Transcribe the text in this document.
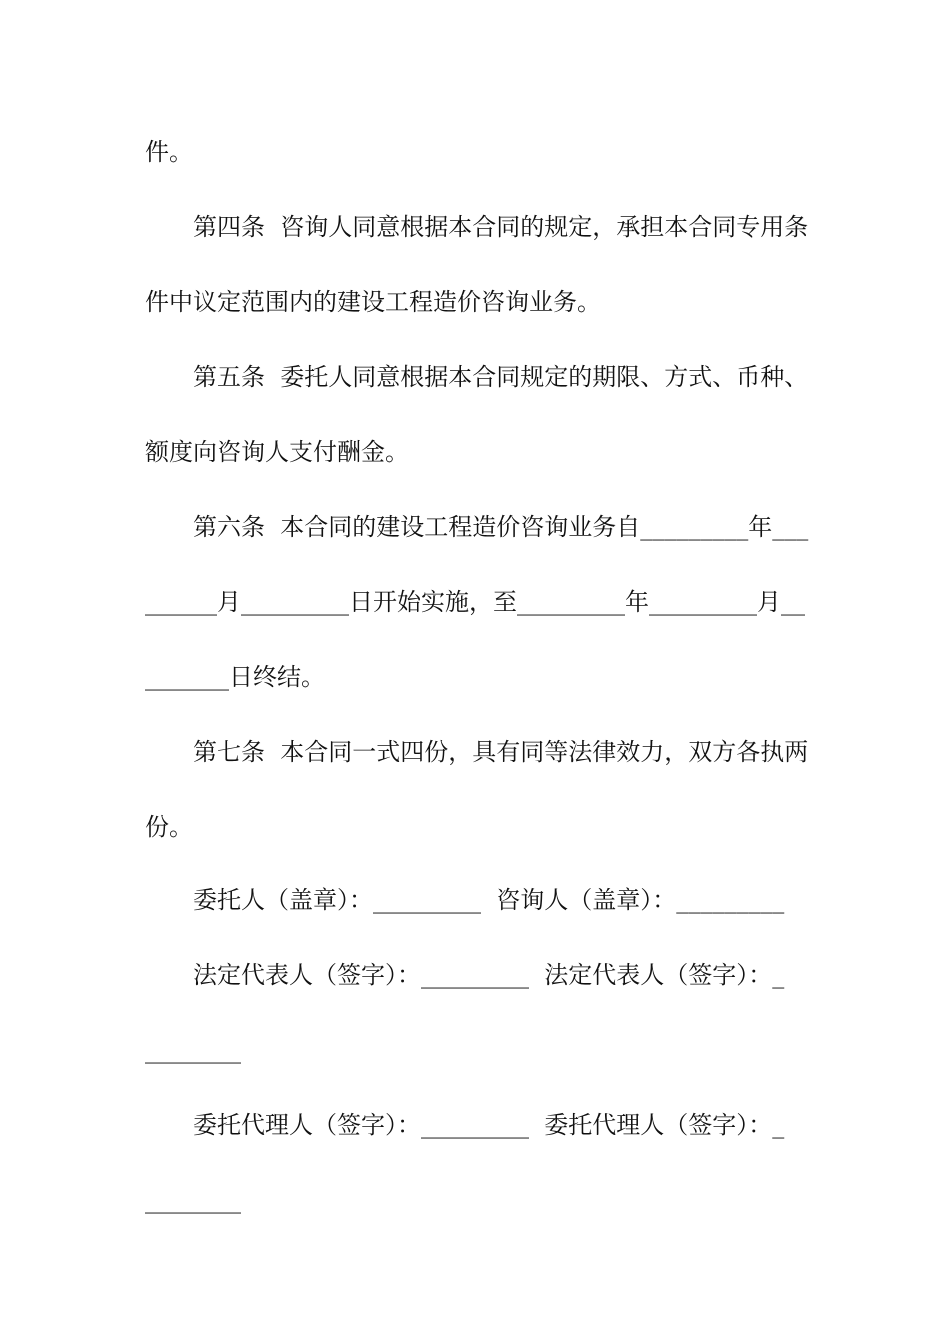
件。
第四条  咨询人同意根据本合同的规定，承担本合同专用条
件中议定范围内的建设工程造价咨询业务。
第五条  委托人同意根据本合同规定的期限、方式、币种、
额度向咨询人支付酬金。
第六条  本合同的建设工程造价咨询业务自_________年___
______月_________日开始实施，至_________年_________月__
_______日终结。
第七条  本合同一式四份，具有同等法律效力，双方各执两
份。
委托人（盖章）：_________  咨询人（盖章）：_________
法定代表人（签字）：_________  法定代表人（签字）：_
________
委托代理人（签字）：_________  委托代理人（签字）：_
________
